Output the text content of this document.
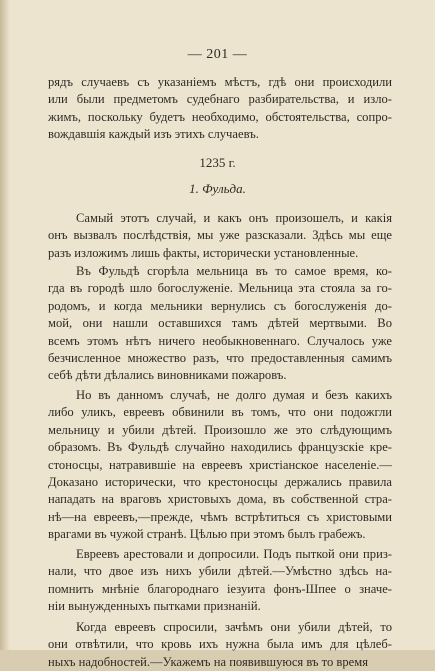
— 201 —
рядъ случаевъ съ указаніемъ мѣстъ, гдѣ они происходили
или были предметомъ судебнаго разбирательства, и изло-
жимъ, поскольку будетъ необходимо, обстоятельства, сопро-
вождавшія каждый изъ этихъ случаевъ.
1235 г.
1. Фульда.
Самый этотъ случай, и какъ онъ произошелъ, и какія
онъ вызвалъ послѣдствія, мы уже разсказали. Здѣсь мы еще
разъ изложимъ лишь факты, исторически установленные.
Въ Фульдѣ сгорѣла мельница въ то самое время, ко-
гда въ городѣ шло богослуженіе. Мельница эта стояла за го-
родомъ, и когда мельники вернулись съ богослуженія до-
мой, они нашли оставшихся тамъ дѣтей мертвыми. Во
всемъ этомъ нѣтъ ничего необыкновеннаго. Случалось уже
безчисленное множество разъ, что предоставленныя самимъ
себѣ дѣти дѣлались виновниками пожаровъ.
Но въ данномъ случаѣ, не долго думая и безъ какихъ
либо уликъ, евреевъ обвинили въ томъ, что они подожгли
мельницу и убили дѣтей. Произошло же это слѣдующимъ
образомъ. Въ Фульдѣ случайно находились французскіе кре-
стоносцы, натравившіе на евреевъ христіанское населеніе.—
Доказано исторически, что крестоносцы держались правила
нападать на враговъ христовыхъ дома, въ собственной стра-
нѣ—на евреевъ,—прежде, чѣмъ встрѣтиться съ христовыми
врагами въ чужой странѣ. Цѣлью при этомъ былъ грабежъ.
Евреевъ арестовали и допросили. Подъ пыткой они приз-
нали, что двое изъ нихъ убили дѣтей.—Умѣстно здѣсь на-
помнить мнѣніе благороднаго іезуита фонъ-Шпее о значе-
ніи вынужденныхъ пытками признаній.
Когда евреевъ спросили, зачѣмъ они убили дѣтей, то
они отвѣтили, что кровь ихъ нужна была имъ для цѣлеб-
ныхъ надобностей.—Укажемъ на появившуюся въ то время
